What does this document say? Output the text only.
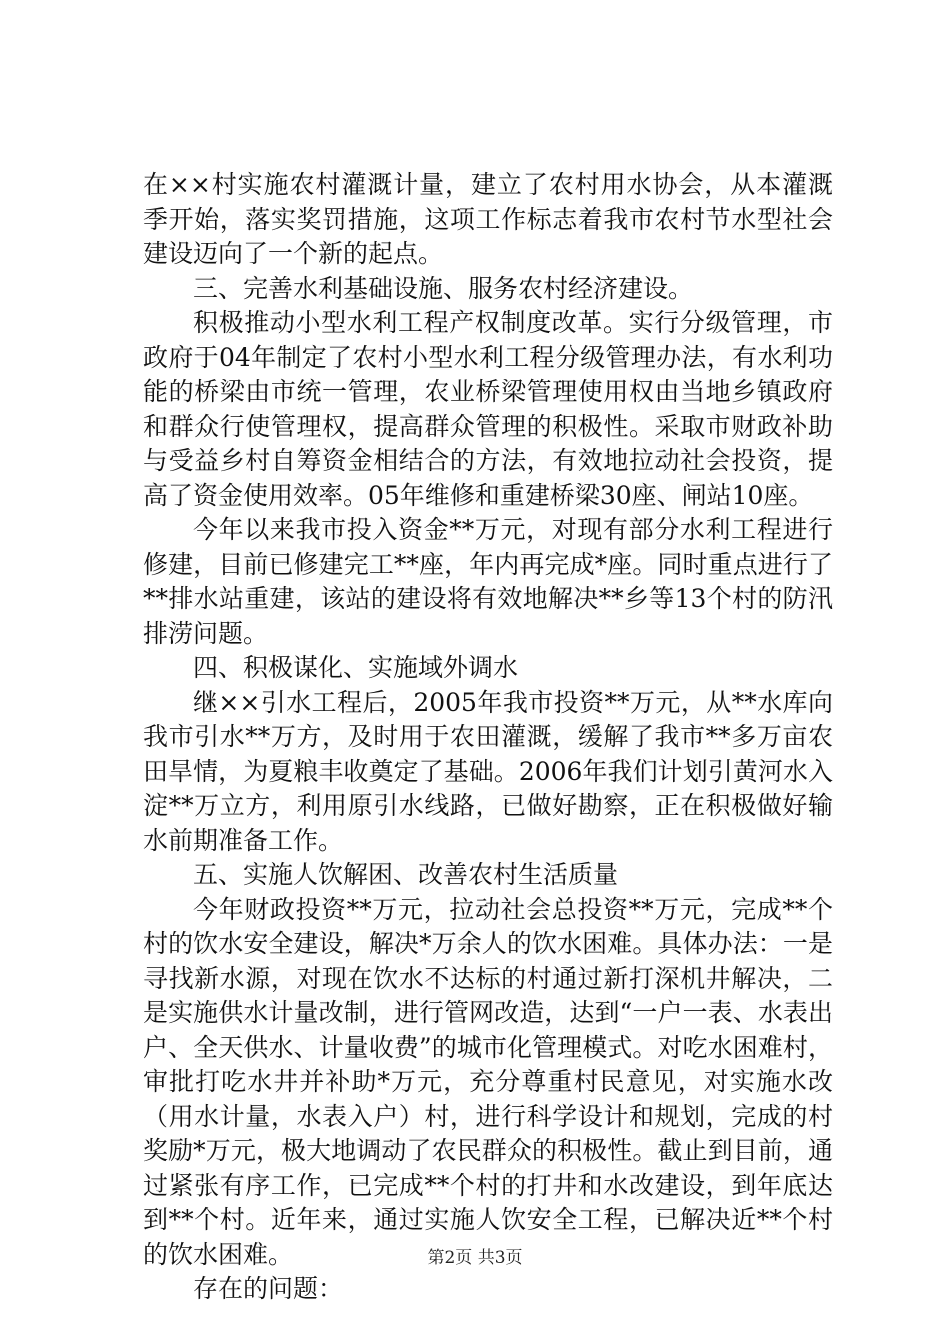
在××村实施农村灌溉计量，建立了农村用水协会，从本灌溉季开始，落实奖罚措施，这项工作标志着我市农村节水型社会建设迈向了一个新的起点。

三、完善水利基础设施、服务农村经济建设。

积极推动小型水利工程产权制度改革。实行分级管理，市政府于04年制定了农村小型水利工程分级管理办法，有水利功能的桥梁由市统一管理，农业桥梁管理使用权由当地乡镇政府和群众行使管理权，提高群众管理的积极性。采取市财政补助与受益乡村自筹资金相结合的方法，有效地拉动社会投资，提高了资金使用效率。05年维修和重建桥梁30座、闸站10座。

今年以来我市投入资金**万元，对现有部分水利工程进行修建，目前已修建完工**座，年内再完成*座。同时重点进行了**排水站重建，该站的建设将有效地解决**乡等13个村的防汛排涝问题。

四、积极谋化、实施域外调水

继××引水工程后，2005年我市投资**万元，从**水库向我市引水**万方，及时用于农田灌溉，缓解了我市**多万亩农田旱情，为夏粮丰收奠定了基础。2006年我们计划引黄河水入淀**万立方，利用原引水线路，已做好勘察，正在积极做好输水前期准备工作。

五、实施人饮解困、改善农村生活质量

今年财政投资**万元，拉动社会总投资**万元，完成**个村的饮水安全建设，解决*万余人的饮水困难。具体办法：一是寻找新水源，对现在饮水不达标的村通过新打深机井解决，二是实施供水计量改制，进行管网改造，达到“一户一表、水表出户、全天供水、计量收费”的城市化管理模式。对吃水困难村，审批打吃水井并补助*万元，充分尊重村民意见，对实施水改（用水计量，水表入户）村，进行科学设计和规划，完成的村奖励*万元，极大地调动了农民群众的积极性。截止到目前，通过紧张有序工作，已完成**个村的打井和水改建设，到年底达到**个村。近年来，通过实施人饮安全工程，已解决近**个村的饮水困难。

存在的问题：

第2页 共3页
